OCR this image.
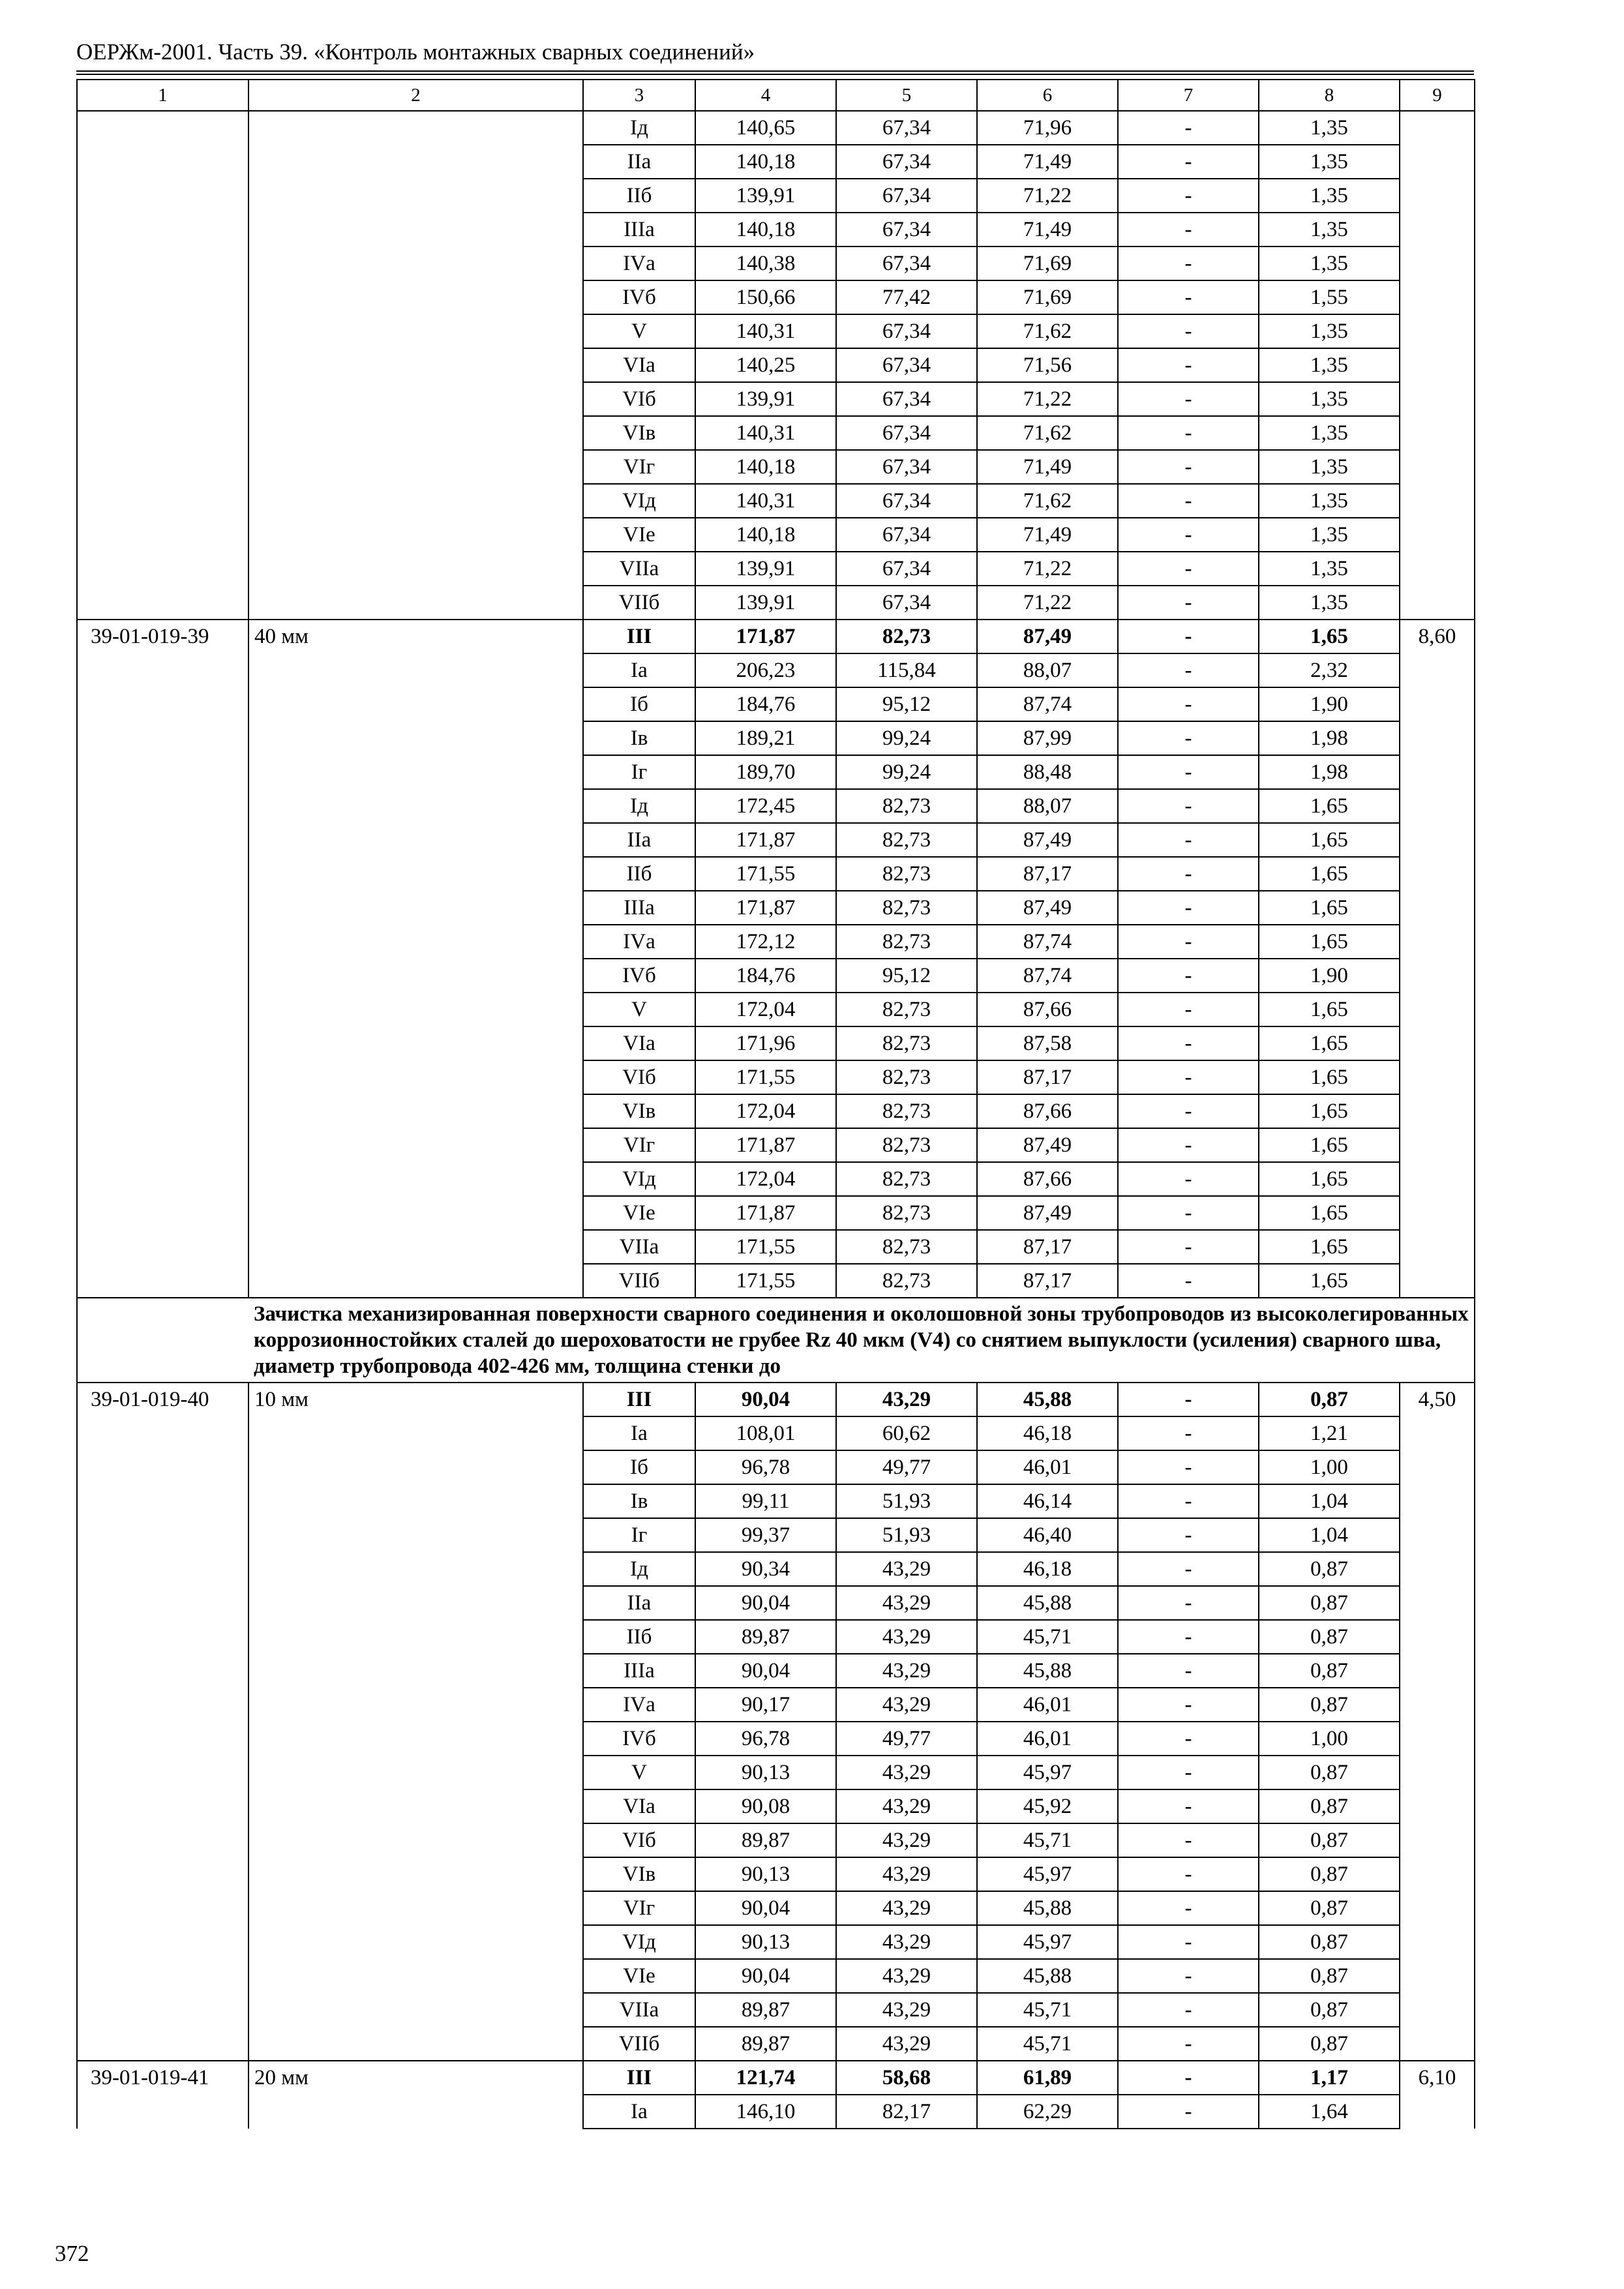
ОЕРЖм-2001. Часть 39. «Контроль монтажных сварных соединений»
1	2	3	4	5	6	7	8	9
		Iд	140,65	67,34	71,96	-	1,35	
		IIа	140,18	67,34	71,49	-	1,35	
		IIб	139,91	67,34	71,22	-	1,35	
		IIIа	140,18	67,34	71,49	-	1,35	
		IVа	140,38	67,34	71,69	-	1,35	
		IVб	150,66	77,42	71,69	-	1,55	
		V	140,31	67,34	71,62	-	1,35	
		VIа	140,25	67,34	71,56	-	1,35	
		VIб	139,91	67,34	71,22	-	1,35	
		VIв	140,31	67,34	71,62	-	1,35	
		VIг	140,18	67,34	71,49	-	1,35	
		VIд	140,31	67,34	71,62	-	1,35	
		VIе	140,18	67,34	71,49	-	1,35	
		VIIа	139,91	67,34	71,22	-	1,35	
		VIIб	139,91	67,34	71,22	-	1,35	
39-01-019-39	40 мм	III	171,87	82,73	87,49	-	1,65	8,60
		Iа	206,23	115,84	88,07	-	2,32	
		Iб	184,76	95,12	87,74	-	1,90	
		Iв	189,21	99,24	87,99	-	1,98	
		Iг	189,70	99,24	88,48	-	1,98	
		Iд	172,45	82,73	88,07	-	1,65	
		IIа	171,87	82,73	87,49	-	1,65	
		IIб	171,55	82,73	87,17	-	1,65	
		IIIа	171,87	82,73	87,49	-	1,65	
		IVа	172,12	82,73	87,74	-	1,65	
		IVб	184,76	95,12	87,74	-	1,90	
		V	172,04	82,73	87,66	-	1,65	
		VIа	171,96	82,73	87,58	-	1,65	
		VIб	171,55	82,73	87,17	-	1,65	
		VIв	172,04	82,73	87,66	-	1,65	
		VIг	171,87	82,73	87,49	-	1,65	
		VIд	172,04	82,73	87,66	-	1,65	
		VIе	171,87	82,73	87,49	-	1,65	
		VIIа	171,55	82,73	87,17	-	1,65	
		VIIб	171,55	82,73	87,17	-	1,65	
	Зачистка механизированная поверхности сварного соединения и околошовной зоны трубопроводов из высоколегированных коррозионностойких сталей до шероховатости не грубее Rz 40 мкм (V4) со снятием выпуклости (усиления) сварного шва, диаметр трубопровода 402-426 мм, толщина стенки до							
39-01-019-40	10 мм	III	90,04	43,29	45,88	-	0,87	4,50
		Iа	108,01	60,62	46,18	-	1,21	
		Iб	96,78	49,77	46,01	-	1,00	
		Iв	99,11	51,93	46,14	-	1,04	
		Iг	99,37	51,93	46,40	-	1,04	
		Iд	90,34	43,29	46,18	-	0,87	
		IIа	90,04	43,29	45,88	-	0,87	
		IIб	89,87	43,29	45,71	-	0,87	
		IIIа	90,04	43,29	45,88	-	0,87	
		IVа	90,17	43,29	46,01	-	0,87	
		IVб	96,78	49,77	46,01	-	1,00	
		V	90,13	43,29	45,97	-	0,87	
		VIа	90,08	43,29	45,92	-	0,87	
		VIб	89,87	43,29	45,71	-	0,87	
		VIв	90,13	43,29	45,97	-	0,87	
		VIг	90,04	43,29	45,88	-	0,87	
		VIд	90,13	43,29	45,97	-	0,87	
		VIе	90,04	43,29	45,88	-	0,87	
		VIIа	89,87	43,29	45,71	-	0,87	
		VIIб	89,87	43,29	45,71	-	0,87	
39-01-019-41	20 мм	III	121,74	58,68	61,89	-	1,17	6,10
		Iа	146,10	82,17	62,29	-	1,64	
372
